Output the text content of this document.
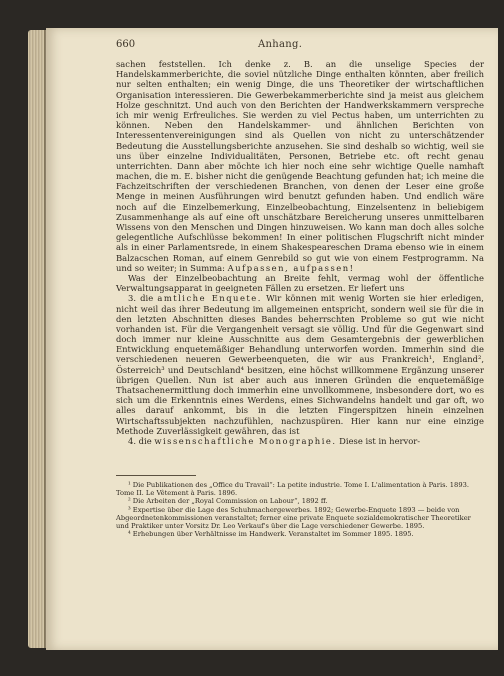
660	Anhang.

sachen feststellen. Ich denke z. B. an die unselige Species der Handelskammerberichte, die soviel nützliche Dinge enthalten könnten, aber freilich nur selten enthalten; ein wenig Dinge, die uns Theoretiker der wirtschaftlichen Organisation interessieren. Die Gewerbekammerberichte sind ja meist aus gleichem Holze geschnitzt. Und auch von den Berichten der Handwerkskammern verspreche ich mir wenig Erfreuliches. Sie werden zu viel Pectus haben, um unterrichten zu können. Neben den Handelskammer- und ähnlichen Berichten von Interessentenvereinigungen sind als Quellen von nicht zu unterschätzender Bedeutung die Ausstellungsberichte anzusehen. Sie sind deshalb so wichtig, weil sie uns über einzelne Individualitäten, Personen, Betriebe etc. oft recht genau unterrichten. Dann aber möchte ich hier noch eine sehr wichtige Quelle namhaft machen, die m. E. bisher nicht die genügende Beachtung gefunden hat; ich meine die Fachzeitschriften der verschiedenen Branchen, von denen der Leser eine große Menge in meinen Ausführungen wird benutzt gefunden haben. Und endlich wäre noch auf die Einzelbemerkung, Einzelbeobachtung, Einzelsentenz in beliebigem Zusammenhange als auf eine oft unschätzbare Bereicherung unseres unmittelbaren Wissens von den Menschen und Dingen hinzuweisen. Wo kann man doch alles solche gelegentliche Aufschlüsse bekommen! In einer politischen Flugschrift nicht minder als in einer Parlamentsrede, in einem Shakespeareschen Drama ebenso wie in einem Balzacschen Roman, auf einem Genrebild so gut wie von einem Festprogramm. Na und so weiter; in Summa: Aufpassen, aufpassen!

Was der Einzelbeobachtung an Breite fehlt, vermag wohl der öffentliche Verwaltungsapparat in geeigneten Fällen zu ersetzen. Er liefert uns

3. die amtliche Enquete. Wir können mit wenig Worten sie hier erledigen, nicht weil das ihrer Bedeutung im allgemeinen entspricht, sondern weil sie für die in den letzten Abschnitten dieses Bandes beherrschten Probleme so gut wie nicht vorhanden ist. Für die Vergangenheit versagt sie völlig. Und für die Gegenwart sind doch immer nur kleine Ausschnitte aus dem Gesamtergebnis der gewerblichen Entwicklung enquetemäßiger Behandlung unterworfen worden. Immerhin sind die verschiedenen neueren Gewerbeenqueten, die wir aus Frankreich¹, England², Österreich³ und Deutschland⁴ besitzen, eine höchst willkommene Ergänzung unserer übrigen Quellen. Nun ist aber auch aus inneren Gründen die enquetemäßige Thatsachenermittlung doch immerhin eine unvollkommene, insbesondere dort, wo es sich um die Erkenntnis eines Werdens, eines Sichwandelns handelt und gar oft, wo alles darauf ankommt, bis in die letzten Fingerspitzen hinein einzelnen Wirtschaftssubjekten nachzufühlen, nachzuspüren. Hier kann nur eine einzige Methode Zuverlässigkeit gewähren, das ist

4. die wissenschaftliche Monographie. Diese ist in hervor-

¹ Die Publikationen des „Office du Travail“: La petite industrie. Tome I. L'alimentation à Paris. 1893. Tome II. Le Vêtement à Paris. 1896.

² Die Arbeiten der „Royal Commission on Labour“, 1892 ff.

³ Expertise über die Lage des Schuhmachergewerbes. 1892; Gewerbe-Enquete 1893 — beide von Abgeordnetenkommissionen veranstaltet; ferner eine private Enquete sozialdemokratischer Theoretiker und Praktiker unter Vorsitz Dr. Leo Verkauf's über die Lage verschiedener Gewerbe. 1895.

⁴ Erhebungen über Verhältnisse im Handwerk. Veranstaltet im Sommer 1895. 1895.
